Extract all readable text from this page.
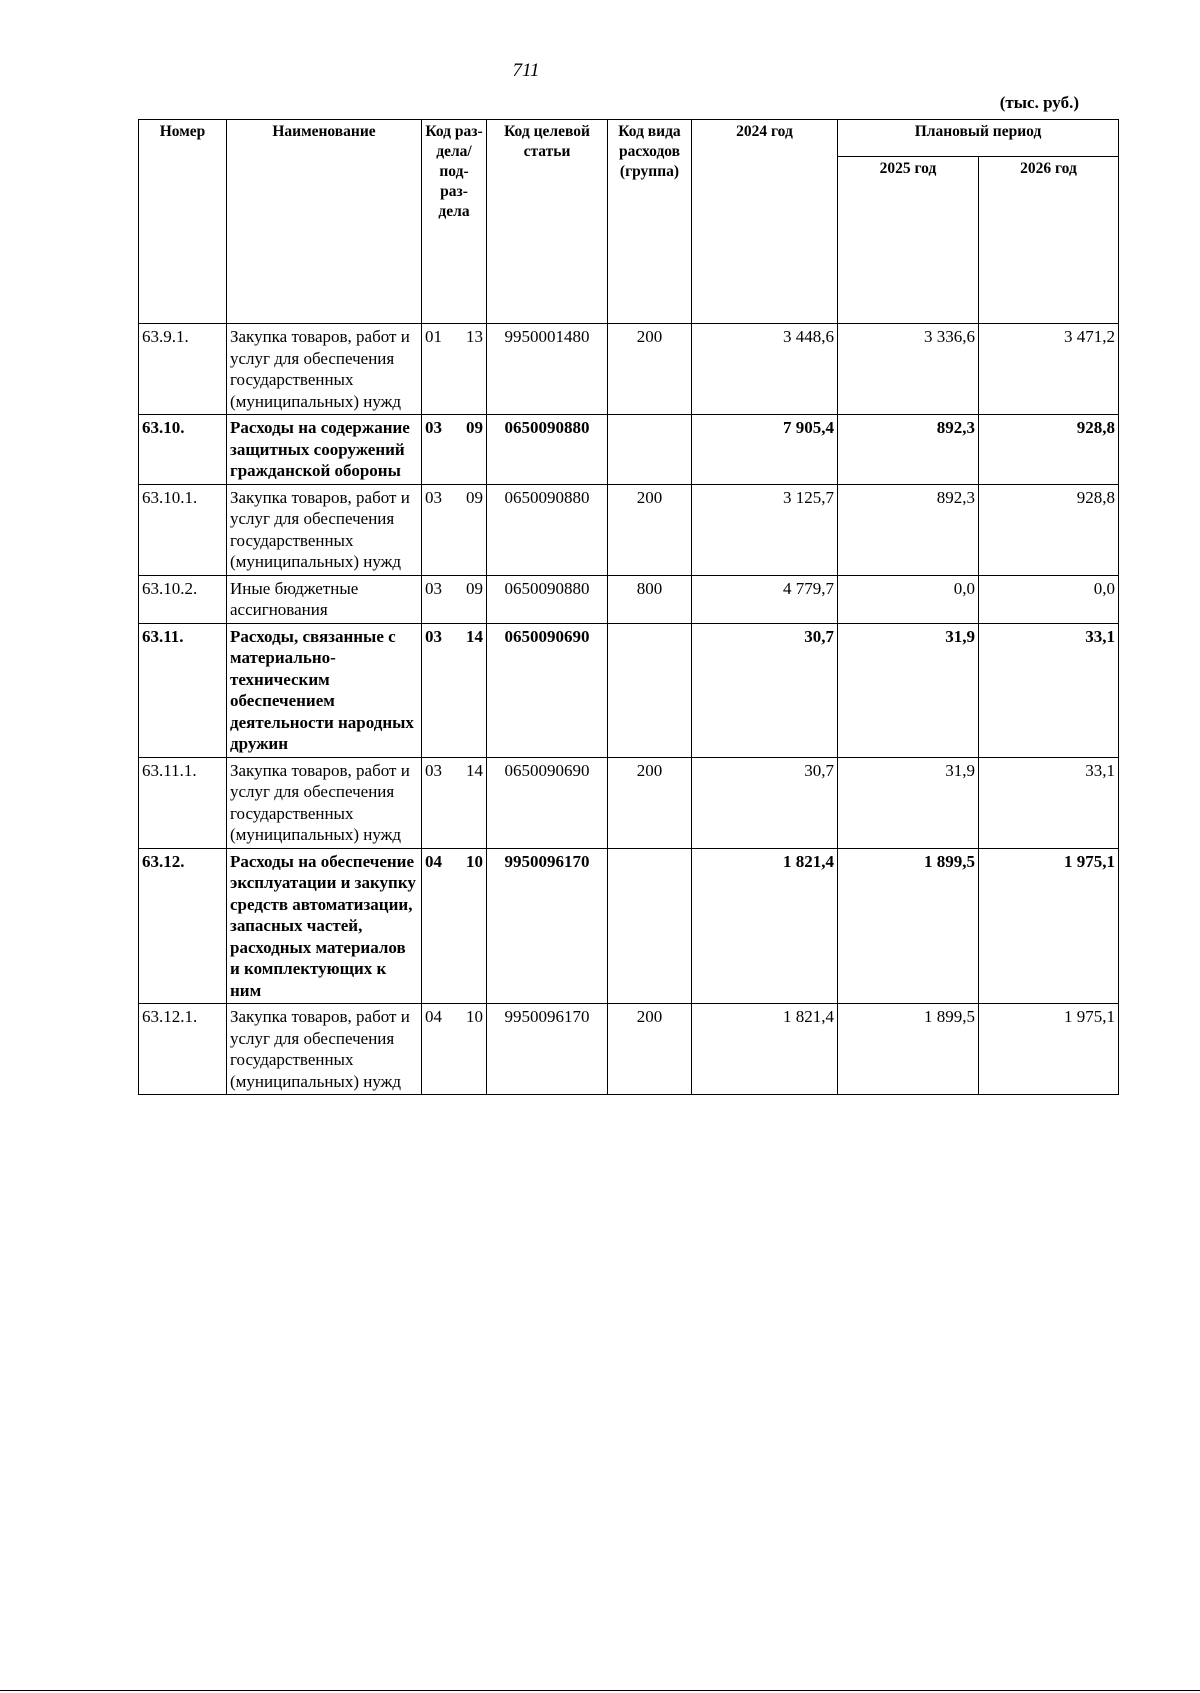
711
(тыс. руб.)
Номер	Наименование	Код раз- дела/ под- раз- дела	Код целевой статьи	Код вида расходов (группа)	2024 год	Плановый период	
						2025 год	2026 год
63.9.1.	Закупка товаров, работ и услуг для обеспечения государственных (муниципальных) нужд	01 13	9950001480	200	3 448,6	3 336,6	3 471,2
63.10.	Расходы на содержание защитных сооружений гражданской обороны	03 09	0650090880		7 905,4	892,3	928,8
63.10.1.	Закупка товаров, работ и услуг для обеспечения государственных (муниципальных) нужд	03 09	0650090880	200	3 125,7	892,3	928,8
63.10.2.	Иные бюджетные ассигнования	03 09	0650090880	800	4 779,7	0,0	0,0
63.11.	Расходы, связанные с материально-техническим обеспечением деятельности народных дружин	03 14	0650090690		30,7	31,9	33,1
63.11.1.	Закупка товаров, работ и услуг для обеспечения государственных (муниципальных) нужд	03 14	0650090690	200	30,7	31,9	33,1
63.12.	Расходы на обеспечение эксплуатации и закупку средств автоматизации, запасных частей, расходных материалов и комплектующих к ним	04 10	9950096170		1 821,4	1 899,5	1 975,1
63.12.1.	Закупка товаров, работ и услуг для обеспечения государственных (муниципальных) нужд	04 10	9950096170	200	1 821,4	1 899,5	1 975,1
